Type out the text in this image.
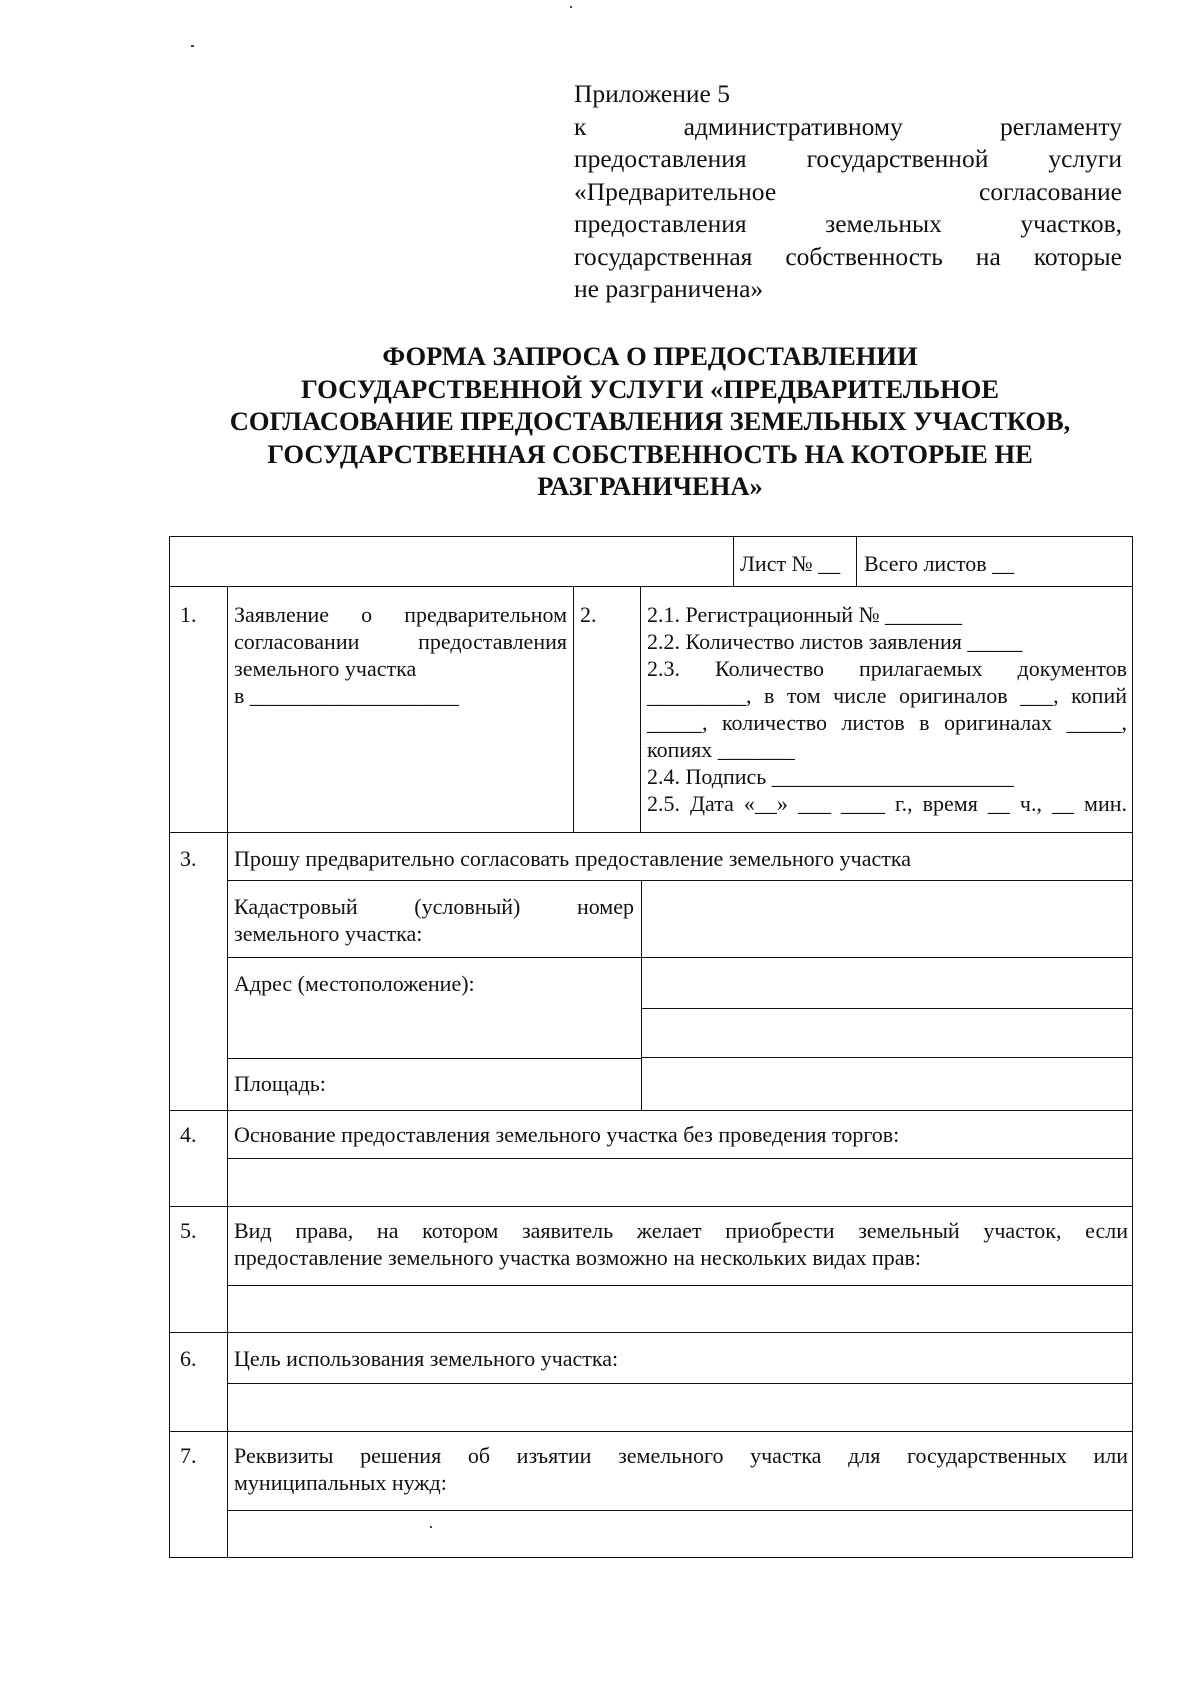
Приложение 5
к административному регламенту
предоставления государственной услуги
«Предварительное согласование
предоставления земельных участков,
государственная собственность на которые
не разграничена»
ФОРМА ЗАПРОСА О ПРЕДОСТАВЛЕНИИ
ГОСУДАРСТВЕННОЙ УСЛУГИ «ПРЕДВАРИТЕЛЬНОЕ
СОГЛАСОВАНИЕ ПРЕДОСТАВЛЕНИЯ ЗЕМЕЛЬНЫХ УЧАСТКОВ,
ГОСУДАРСТВЕННАЯ СОБСТВЕННОСТЬ НА КОТОРЫЕ НЕ
РАЗГРАНИЧЕНА»
Лист № __ Всего листов __
1. Заявление о предварительном
согласовании предоставления
земельного участка
в ___________________
2. 2.1. Регистрационный № _______
2.2. Количество листов заявления _____
2.3. Количество прилагаемых документов
_________, в том числе оригиналов ___, копий
_____, количество листов в оригиналах _____,
копиях _______
2.4. Подпись ______________________
2.5. Дата «__» ___ ____ г., время __ ч., __ мин.
3. Прошу предварительно согласовать предоставление земельного участка
Кадастровый (условный) номер
земельного участка:
Адрес (местоположение):
Площадь:
4. Основание предоставления земельного участка без проведения торгов:
5. Вид права, на котором заявитель желает приобрести земельный участок, если
предоставление земельного участка возможно на нескольких видах прав:
6. Цель использования земельного участка:
7. Реквизиты решения об изъятии земельного участка для государственных или
муниципальных нужд:
